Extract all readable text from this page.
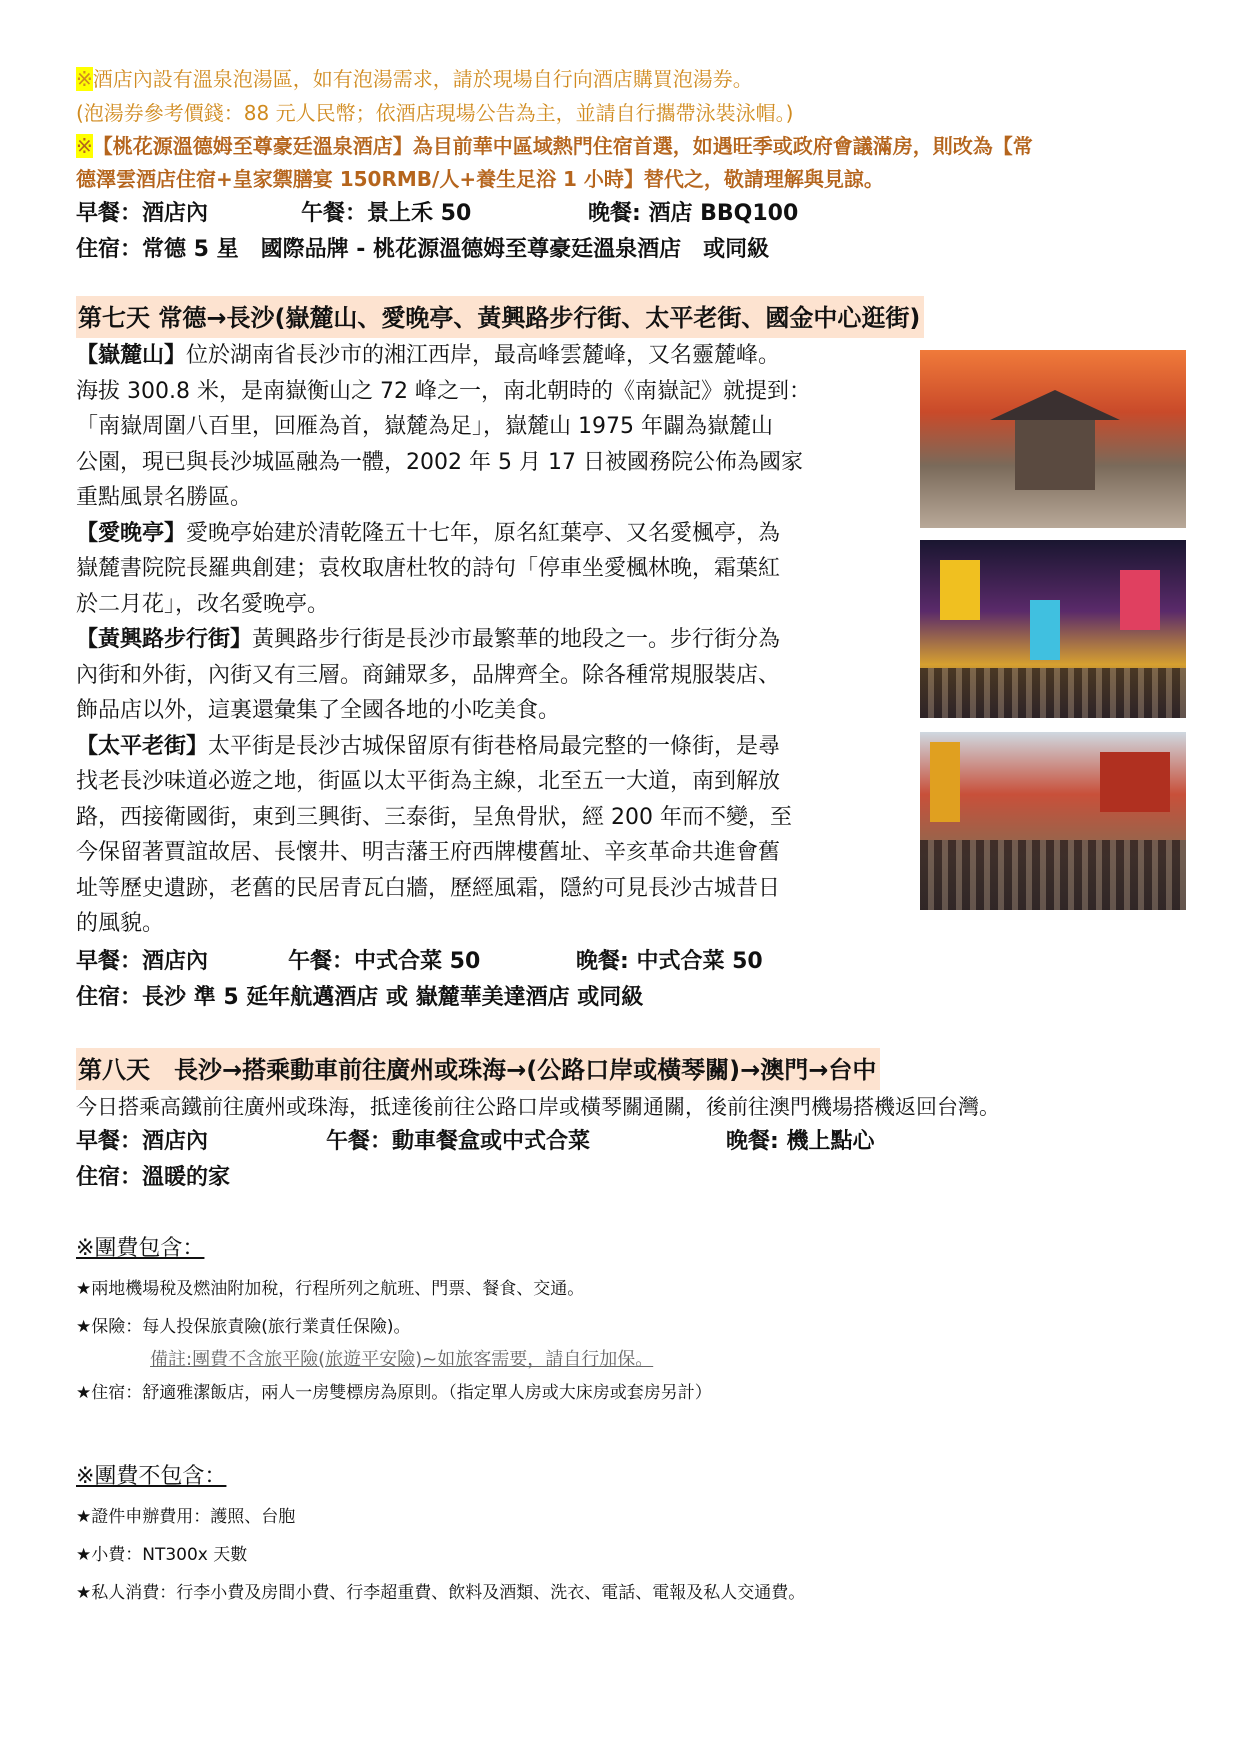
※酒店內設有溫泉泡湯區，如有泡湯需求，請於現場自行向酒店購買泡湯券。
(泡湯券參考價錢：88 元人民幣；依酒店現場公告為主，並請自行攜帶泳裝泳帽。)
※【桃花源溫德姆至尊豪廷溫泉酒店】為目前華中區域熱門住宿首選，如遇旺季或政府會議滿房，則改為【常
德澤雲酒店住宿+皇家禦膳宴 150RMB/人+養生足浴 1 小時】替代之，敬請理解與見諒。
早餐：酒店內	午餐：景上禾 50	晚餐: 酒店 BBQ100
住宿：常德 5 星　國際品牌 - 桃花源溫德姆至尊豪廷溫泉酒店　或同級
第七天 常德→長沙(嶽麓山、愛晚亭、黃興路步行街、太平老街、國金中心逛街)

【嶽麓山】位於湖南省長沙市的湘江西岸，最高峰雲麓峰，又名靈麓峰。
海拔 300.8 米，是南嶽衡山之 72 峰之一，南北朝時的《南嶽記》就提到：
「南嶽周圍八百里，回雁為首，嶽麓為足」，嶽麓山 1975 年闢為嶽麓山
公園，現已與長沙城區融為一體，2002 年 5 月 17 日被國務院公佈為國家
重點風景名勝區。

【愛晚亭】愛晚亭始建於清乾隆五十七年，原名紅葉亭、又名愛楓亭，為
嶽麓書院院長羅典創建；袁枚取唐杜牧的詩句「停車坐愛楓林晚，霜葉紅
於二月花」，改名愛晚亭。

【黃興路步行街】黃興路步行街是長沙市最繁華的地段之一。步行街分為
內街和外街，內街又有三層。商鋪眾多，品牌齊全。除各種常規服裝店、
飾品店以外，這裏還彙集了全國各地的小吃美食。

【太平老街】太平街是長沙古城保留原有街巷格局最完整的一條街，是尋
找老長沙味道必遊之地，街區以太平街為主線，北至五一大道，南到解放
路，西接衛國街，東到三興街、三泰街，呈魚骨狀，經 200 年而不變，至
今保留著賈誼故居、長懷井、明吉藩王府西牌樓舊址、辛亥革命共進會舊
址等歷史遺跡，老舊的民居青瓦白牆，歷經風霜，隱約可見長沙古城昔日
的風貌。

早餐：酒店內	午餐：中式合菜 50	晚餐: 中式合菜 50
住宿：長沙 準 5 延年航邁酒店 或 嶽麓華美達酒店 或同級
第八天　長沙→搭乘動車前往廣州或珠海→(公路口岸或橫琴關)→澳門→台中
今日搭乘高鐵前往廣州或珠海，抵達後前往公路口岸或橫琴關通關，後前往澳門機場搭機返回台灣。
早餐：酒店內	午餐：動車餐盒或中式合菜	晚餐: 機上點心
住宿：溫暖的家
※團費包含：
★兩地機場稅及燃油附加稅，行程所列之航班、門票、餐食、交通。
★保險：每人投保旅責險(旅行業責任保險)。
備註:團費不含旅平險(旅遊平安險)~如旅客需要，請自行加保。
★住宿：舒適雅潔飯店，兩人一房雙標房為原則。（指定單人房或大床房或套房另計）
※團費不包含：
★證件申辦費用：護照、台胞
★小費：NT300x 天數
★私人消費：行李小費及房間小費、行李超重費、飲料及酒類、洗衣、電話、電報及私人交通費。
